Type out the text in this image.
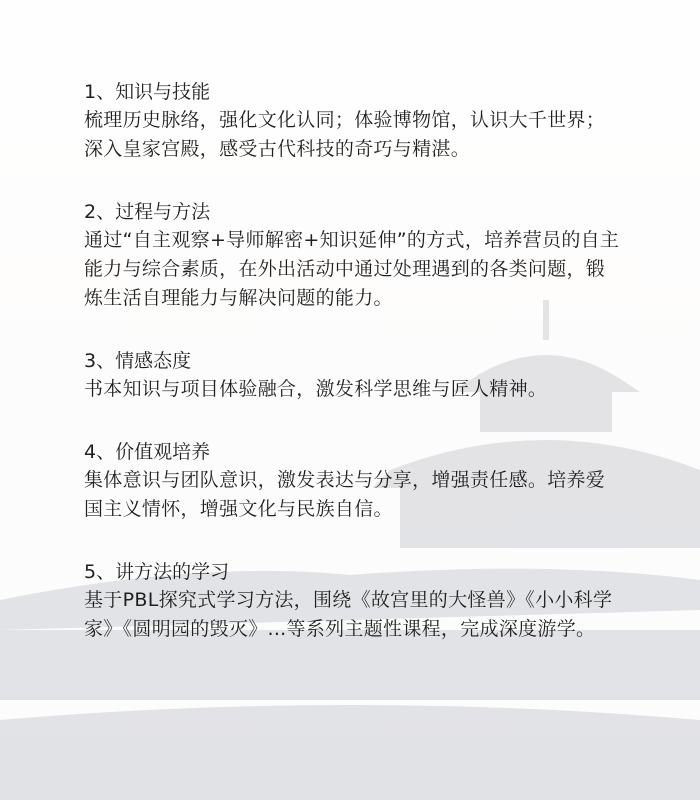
1、知识与技能

梳理历史脉络，强化文化认同；体验博物馆，认识大千世界；深入皇家宫殿，感受古代科技的奇巧与精湛。

2、过程与方法

通过“自主观察+导师解密+知识延伸”的方式，培养营员的自主能力与综合素质，在外出活动中通过处理遇到的各类问题，锻炼生活自理能力与解决问题的能力。

3、情感态度

书本知识与项目体验融合，激发科学思维与匠人精神。

4、价值观培养

集体意识与团队意识，激发表达与分享，增强责任感。培养爱国主义情怀，增强文化与民族自信。

5、讲方法的学习

基于PBL探究式学习方法，围绕《故宫里的大怪兽》《小小科学家》《圆明园的毁灭》...等系列主题性课程，完成深度游学。
